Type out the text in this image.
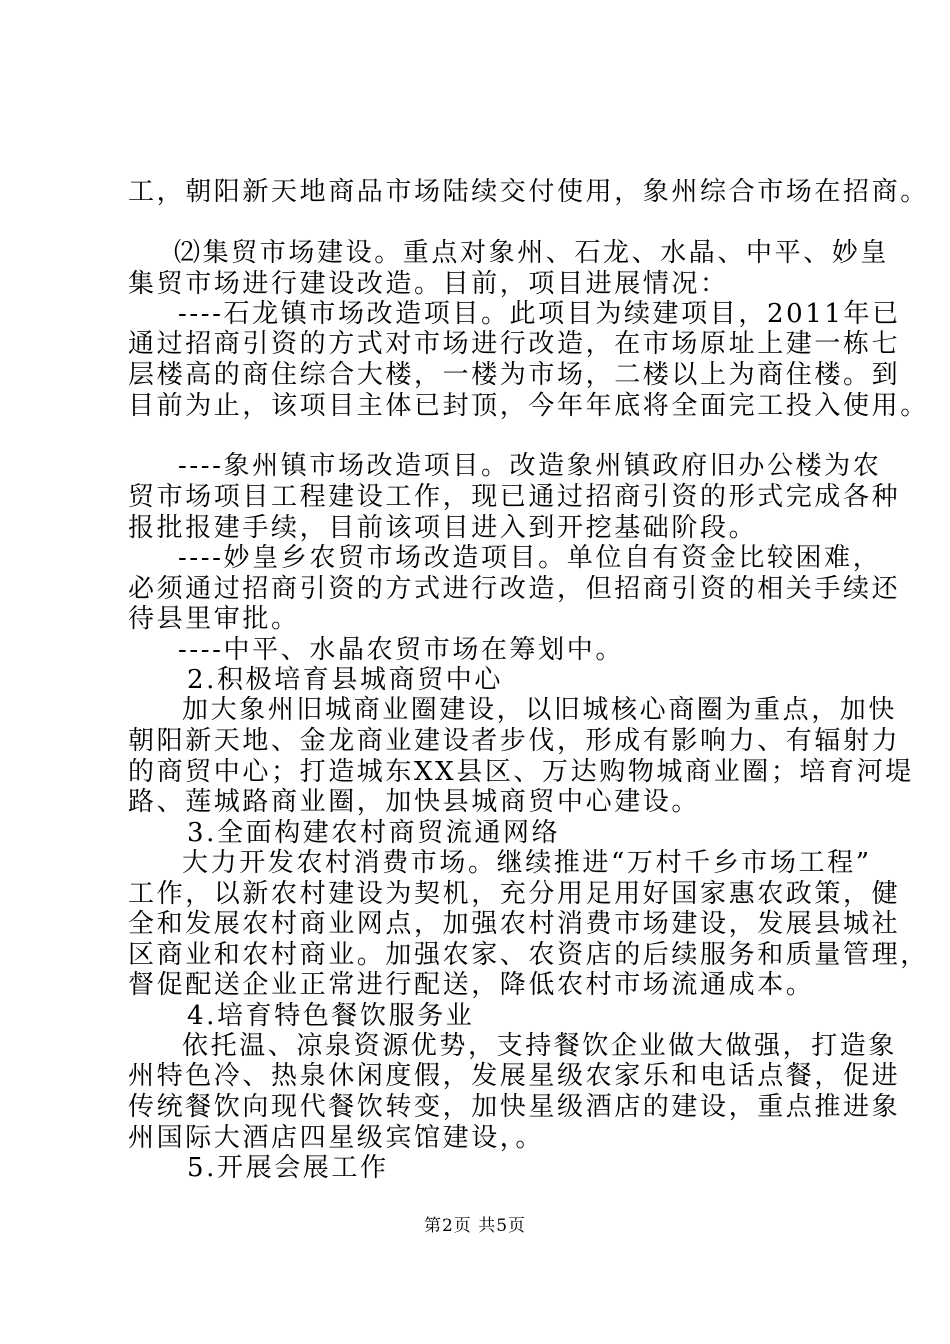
工，朝阳新天地商品市场陆续交付使用，象州综合市场在招商。
⑵集贸市场建设。重点对象州、石龙、水晶、中平、妙皇
集贸市场进行建设改造。目前，项目进展情况：
----石龙镇市场改造项目。此项目为续建项目，2011年已
通过招商引资的方式对市场进行改造，在市场原址上建一栋七
层楼高的商住综合大楼，一楼为市场，二楼以上为商住楼。到
目前为止，该项目主体已封顶，今年年底将全面完工投入使用。
----象州镇市场改造项目。改造象州镇政府旧办公楼为农
贸市场项目工程建设工作，现已通过招商引资的形式完成各种
报批报建手续，目前该项目进入到开挖基础阶段。
----妙皇乡农贸市场改造项目。单位自有资金比较困难，
必须通过招商引资的方式进行改造，但招商引资的相关手续还
待县里审批。
----中平、水晶农贸市场在筹划中。
2.积极培育县城商贸中心
加大象州旧城商业圈建设，以旧城核心商圈为重点，加快
朝阳新天地、金龙商业建设者步伐，形成有影响力、有辐射力
的商贸中心；打造城东XX县区、万达购物城商业圈；培育河堤
路、莲城路商业圈，加快县城商贸中心建设。
3.全面构建农村商贸流通网络
大力开发农村消费市场。继续推进“万村千乡市场工程”
工作，以新农村建设为契机，充分用足用好国家惠农政策，健
全和发展农村商业网点，加强农村消费市场建设，发展县城社
区商业和农村商业。加强农家、农资店的后续服务和质量管理，
督促配送企业正常进行配送，降低农村市场流通成本。
4.培育特色餐饮服务业
依托温、凉泉资源优势，支持餐饮企业做大做强，打造象
州特色冷、热泉休闲度假，发展星级农家乐和电话点餐，促进
传统餐饮向现代餐饮转变，加快星级酒店的建设，重点推进象
州国际大酒店四星级宾馆建设，。
5.开展会展工作
第2页 共5页
